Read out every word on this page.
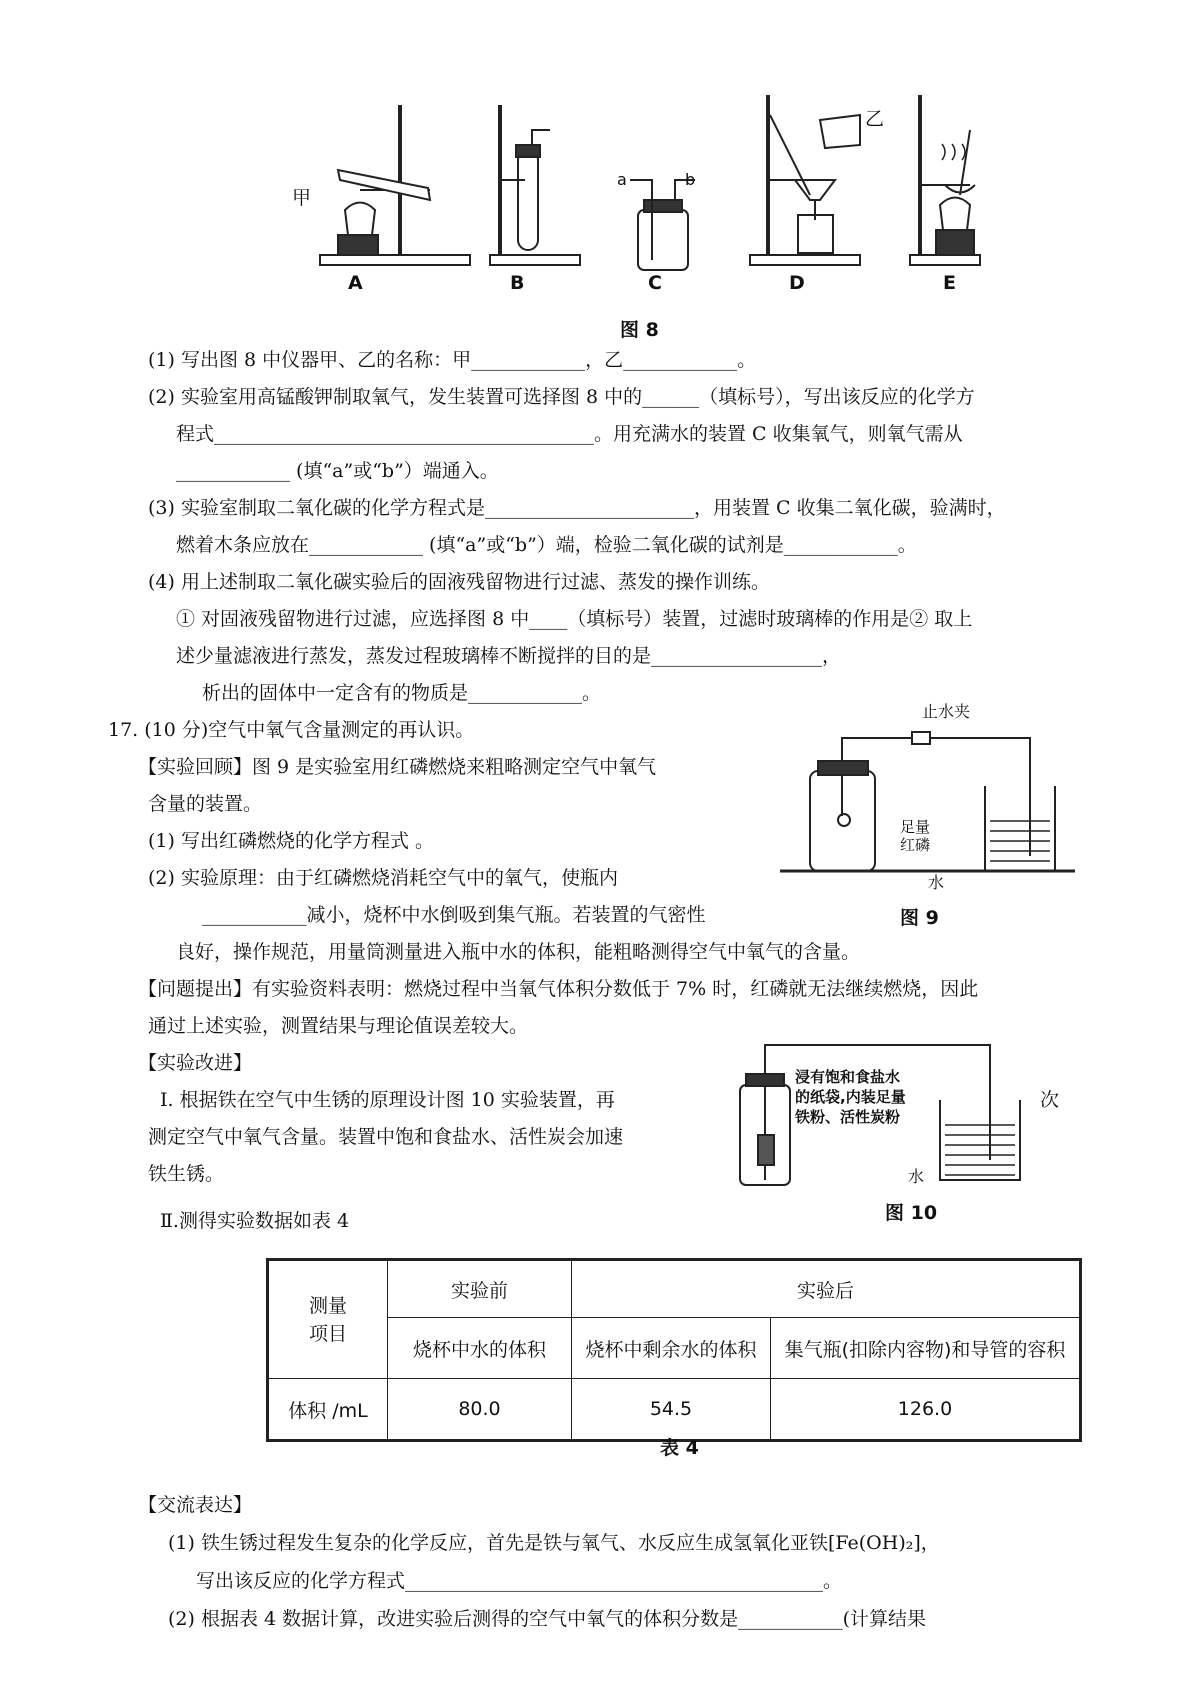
甲
乙
a	b
A	B	C	D	E
图 8
(1) 写出图 8 中仪器甲、乙的名称：甲____________，乙____________。
(2) 实验室用高锰酸钾制取氧气，发生装置可选择图 8 中的______（填标号），写出该反应的化学方
程式________________________________________。用充满水的装置 C 收集氧气，则氧气需从
____________ (填“a”或“b”）端通入。
(3) 实验室制取二氧化碳的化学方程式是______________________，用装置 C 收集二氧化碳，验满时，
燃着木条应放在____________ (填“a”或“b”）端，检验二氧化碳的试剂是____________。
(4) 用上述制取二氧化碳实验后的固液残留物进行过滤、蒸发的操作训练。
① 对固液残留物进行过滤，应选择图 8 中____（填标号）装置，过滤时玻璃棒的作用是② 取上
述少量滤液进行蒸发，蒸发过程玻璃棒不断搅拌的目的是__________________，
析出的固体中一定含有的物质是____________。
17. (10 分)空气中氧气含量测定的再认识。
【实验回顾】图 9 是实验室用红磷燃烧来粗略测定空气中氧气
含量的装置。
(1) 写出红磷燃烧的化学方程式 。
(2) 实验原理：由于红磷燃烧消耗空气中的氧气，使瓶内
___________减小，烧杯中水倒吸到集气瓶。若装置的气密性
良好，操作规范，用量筒测量进入瓶中水的体积，能粗略测得空气中氧气的含量。
【问题提出】有实验资料表明：燃烧过程中当氧气体积分数低于 7% 时，红磷就无法继续燃烧，因此
通过上述实验，测置结果与理论值误差较大。
【实验改进】
Ⅰ. 根据铁在空气中生锈的原理设计图 10 实验装置，再	次
测定空气中氧气含量。装置中饱和食盐水、活性炭会加速
铁生锈。
Ⅱ.测得实验数据如表 4
止水夹
足量
红磷
水
图 9
浸有饱和食盐水
的纸袋,内装足量
铁粉、活性炭粉
水
图 10
测量
项目	实验前	实验后	
	烧杯中水的体积	烧杯中剩余水的体积	集气瓶(扣除内容物)和导管的容积
体积 /mL	80.0	54.5	126.0
表 4
【交流表达】
(1) 铁生锈过程发生复杂的化学反应，首先是铁与氧气、水反应生成氢氧化亚铁[Fe(OH)₂]，
写出该反应的化学方程式____________________________________________。
(2) 根据表 4 数据计算，改进实验后测得的空气中氧气的体积分数是___________(计算结果
